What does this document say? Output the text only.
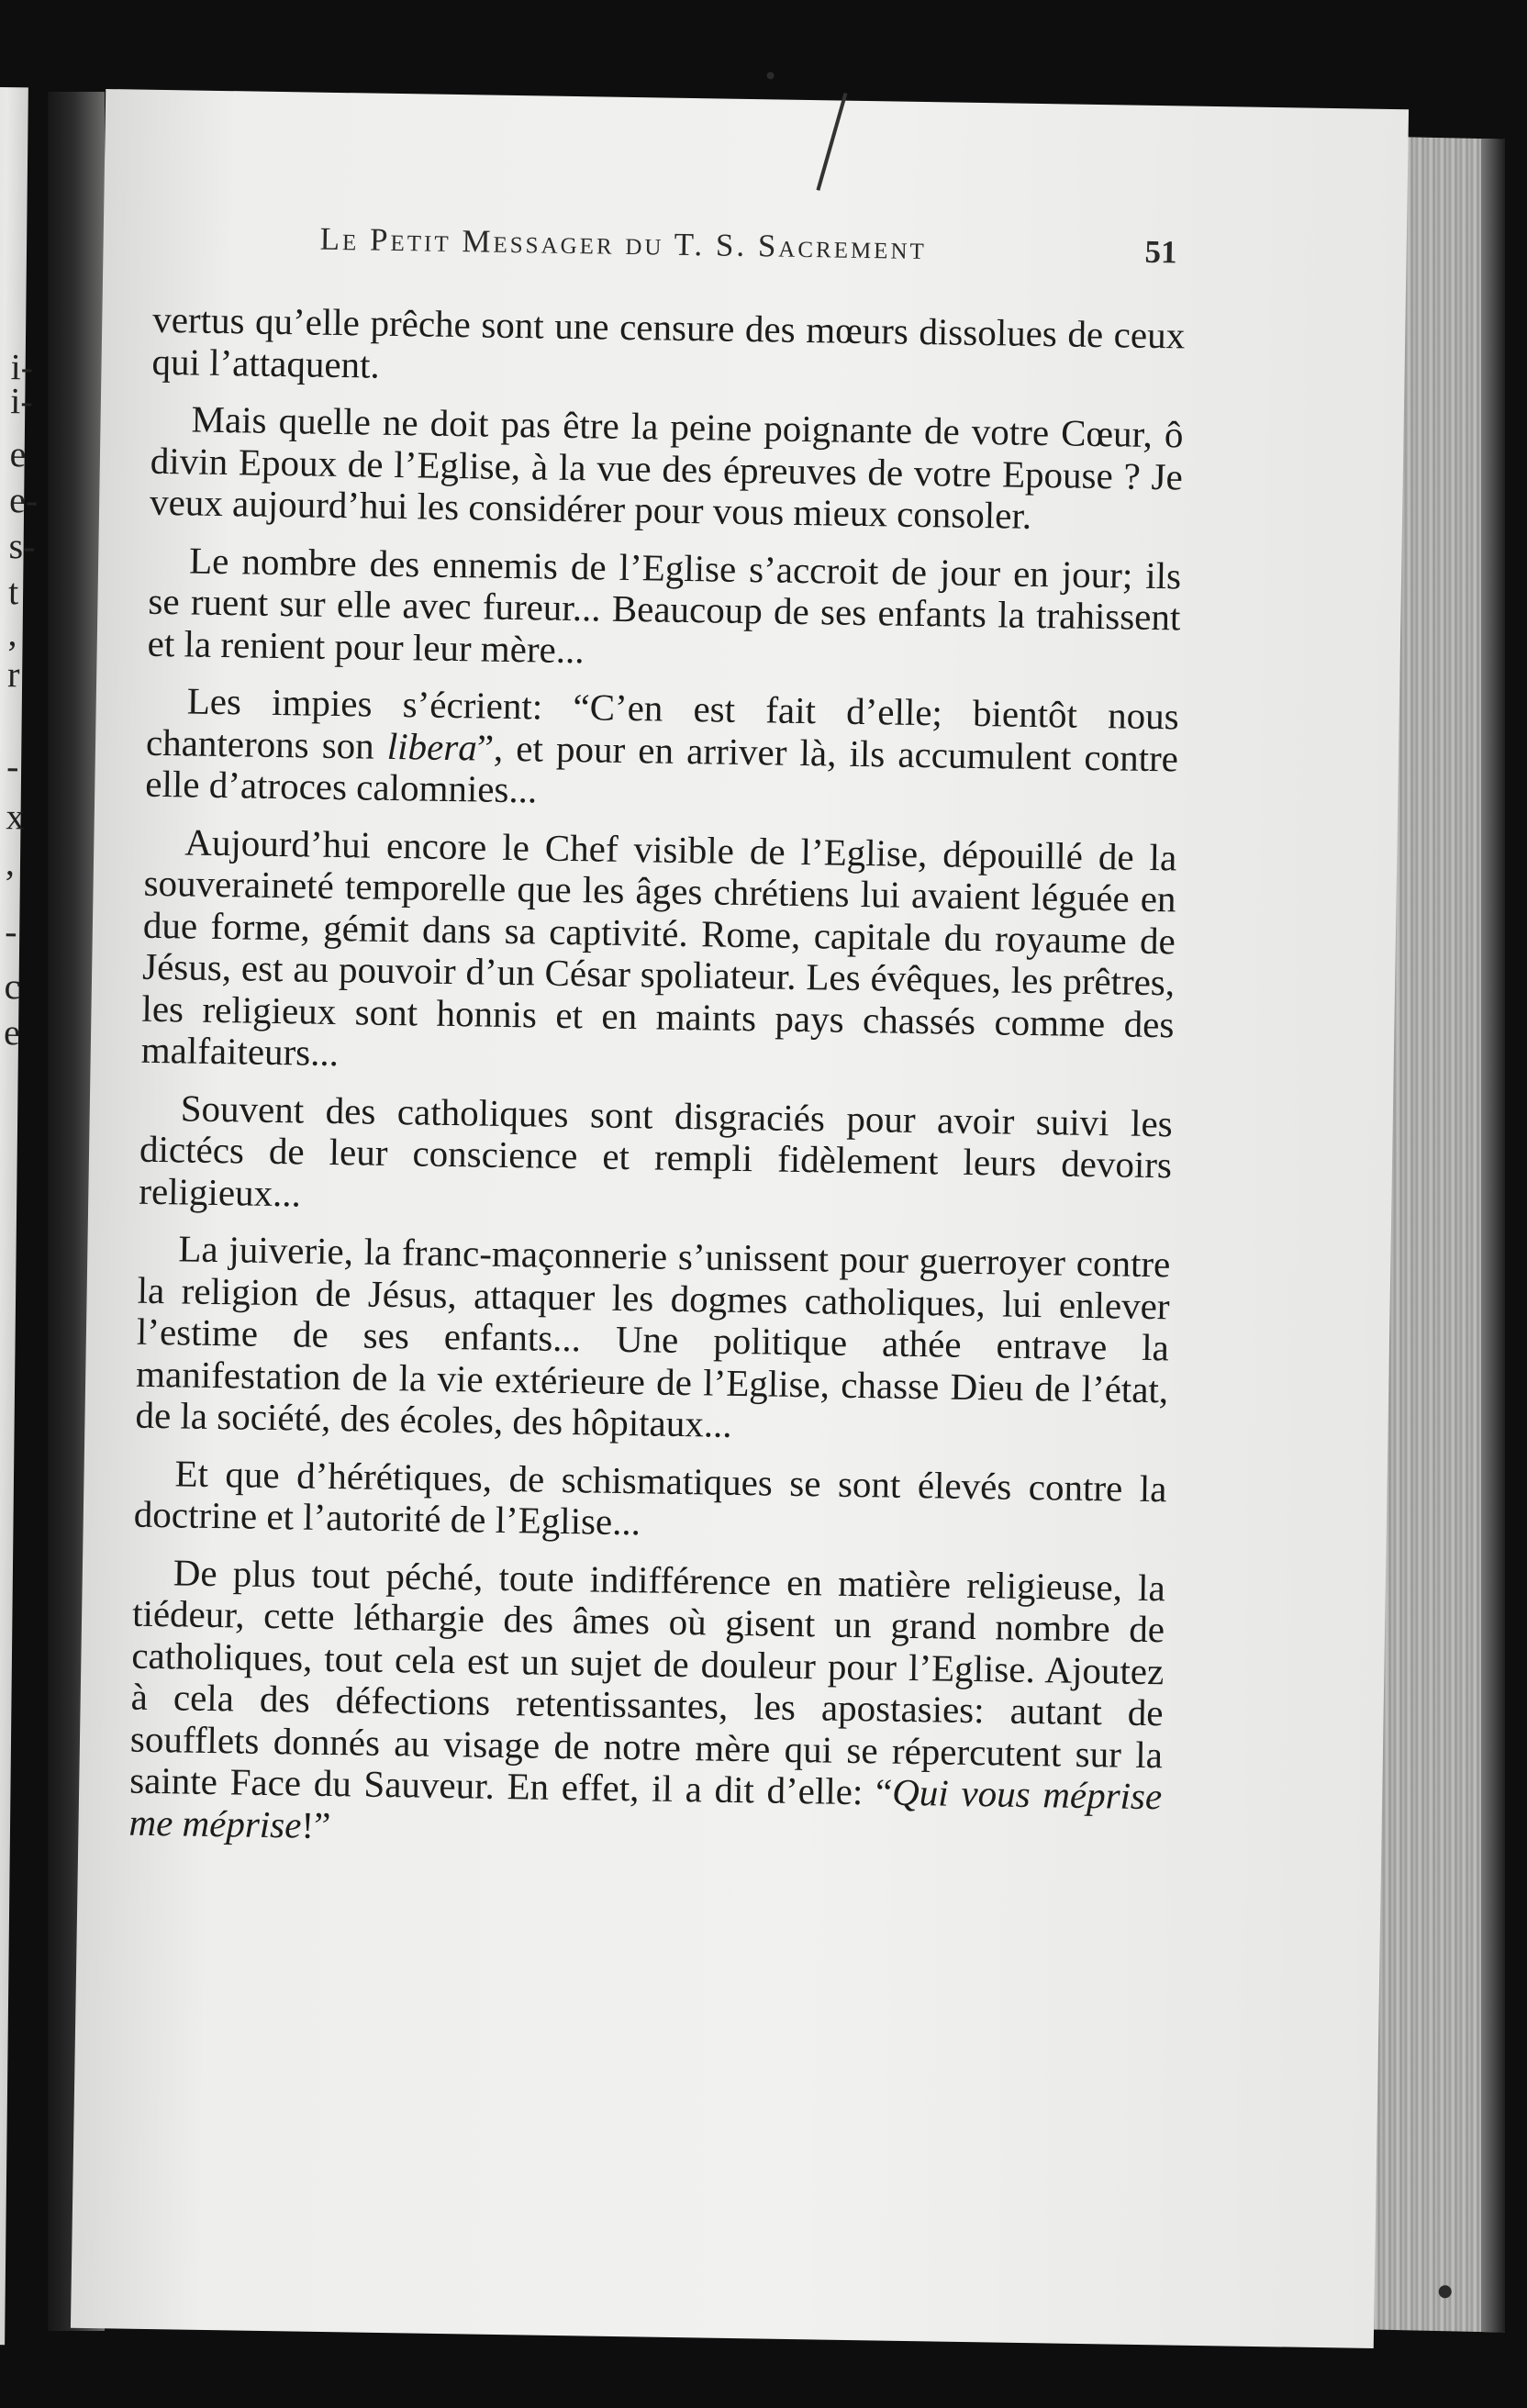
i-
i-
e
e-
s-
t
,
r
-
x
,
-
c
e
Le Petit Messager du T. S. Sacrement	51

vertus qu’elle prêche sont une censure des mœurs dissolues de ceux qui l’attaquent.

Mais quelle ne doit pas être la peine poignante de votre Cœur, ô divin Epoux de l’Eglise, à la vue des épreuves de votre Epouse ? Je veux aujourd’hui les considérer pour vous mieux consoler.

Le nombre des ennemis de l’Eglise s’accroit de jour en jour; ils se ruent sur elle avec fureur... Beaucoup de ses enfants la trahissent et la renient pour leur mère...

Les impies s’écrient: “C’en est fait d’elle; bientôt nous chanterons son libera”, et pour en arriver là, ils accumulent contre elle d’atroces calomnies...

Aujourd’hui encore le Chef visible de l’Eglise, dépouillé de la souveraineté temporelle que les âges chrétiens lui avaient léguée en due forme, gémit dans sa captivité. Rome, capitale du royaume de Jésus, est au pouvoir d’un César spoliateur. Les évêques, les prêtres, les religieux sont honnis et en maints pays chassés comme des malfaiteurs...

Souvent des catholiques sont disgraciés pour avoir suivi les dictécs de leur conscience et rempli fidèlement leurs devoirs religieux...

La juiverie, la franc-maçonnerie s’unissent pour guerroyer contre la religion de Jésus, attaquer les dogmes catholiques, lui enlever l’estime de ses enfants... Une politique athée entrave la manifestation de la vie extérieure de l’Eglise, chasse Dieu de l’état, de la société, des écoles, des hôpitaux...

Et que d’hérétiques, de schismatiques se sont élevés contre la doctrine et l’autorité de l’Eglise...

De plus tout péché, toute indifférence en matière religieuse, la tiédeur, cette léthargie des âmes où gisent un grand nombre de catholiques, tout cela est un sujet de douleur pour l’Eglise. Ajoutez à cela des défections retentissantes, les apostasies: autant de soufflets donnés au visage de notre mère qui se répercutent sur la sainte Face du Sauveur. En effet, il a dit d’elle: “Qui vous méprise me méprise!”
